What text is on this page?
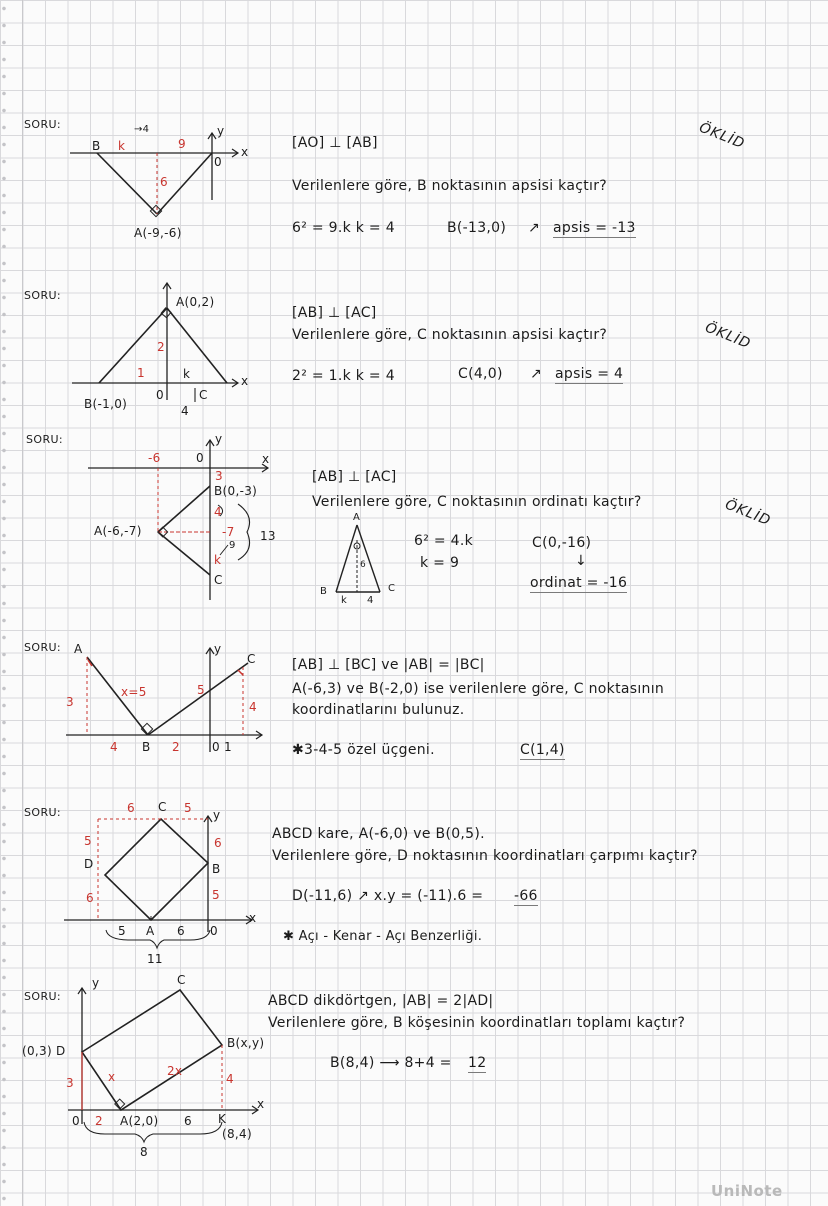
SORU:
B k
→4
9
y
x
0
6
A(-9,-6)
[AO] ⊥ [AB]
Verilenlere göre, B noktasının apsisi kaçtır?
6² = 9.k k = 4	B(-13,0) ↗ apsis = -13
ÖKLİD
SORU:	A(0,2)
2
1	k	x
B(-1,0)
0	C
4
[AB] ⊥ [AC]
Verilenlere göre, C noktasının apsisi kaçtır?
2² = 1.k k = 4	C(4,0) ↗ apsis = 4
ÖKLİD
SORU:	y
x
-6	0
3
B(0,-3)
4
A(-6,-7)	-7 13
9
k
C
A
6
B	C
k 4
[AB] ⊥ [AC]
Verilenlere göre, C noktasının ordinatı kaçtır?
6² = 4.k
k = 9
C(0,-16)
↓
ordinat = -16
ÖKLİD
SORU: A
3
x=5	5
y
C
4
4 B 2	0 1
[AB] ⊥ [BC] ve |AB| = |BC|
A(-6,3) ve B(-2,0) ise verilenlere göre, C noktasının
koordinatlarını bulunuz.
✱3-4-5 özel üçgeni.	C(1,4)
SORU:	6 C 5 y
5	6
D	B
6	5
x
5 A 6 0
11
ABCD kare, A(-6,0) ve B(0,5).
Verilenlere göre, D noktasının koordinatları çarpımı kaçtır?
D(-11,6) ↗ x.y = (-11).6 = -66
✱ Açı - Kenar - Açı Benzerliği.
SORU:
y	C
(0,3) D
B(x,y)
3	x	2x
4
x
0 2 A(2,0) 6 K
(8,4)
8
ABCD dikdörtgen, |AB| = 2|AD|
Verilenlere göre, B köşesinin koordinatları toplamı kaçtır?
B(8,4) ⟶ 8+4 = 12
UniNote
